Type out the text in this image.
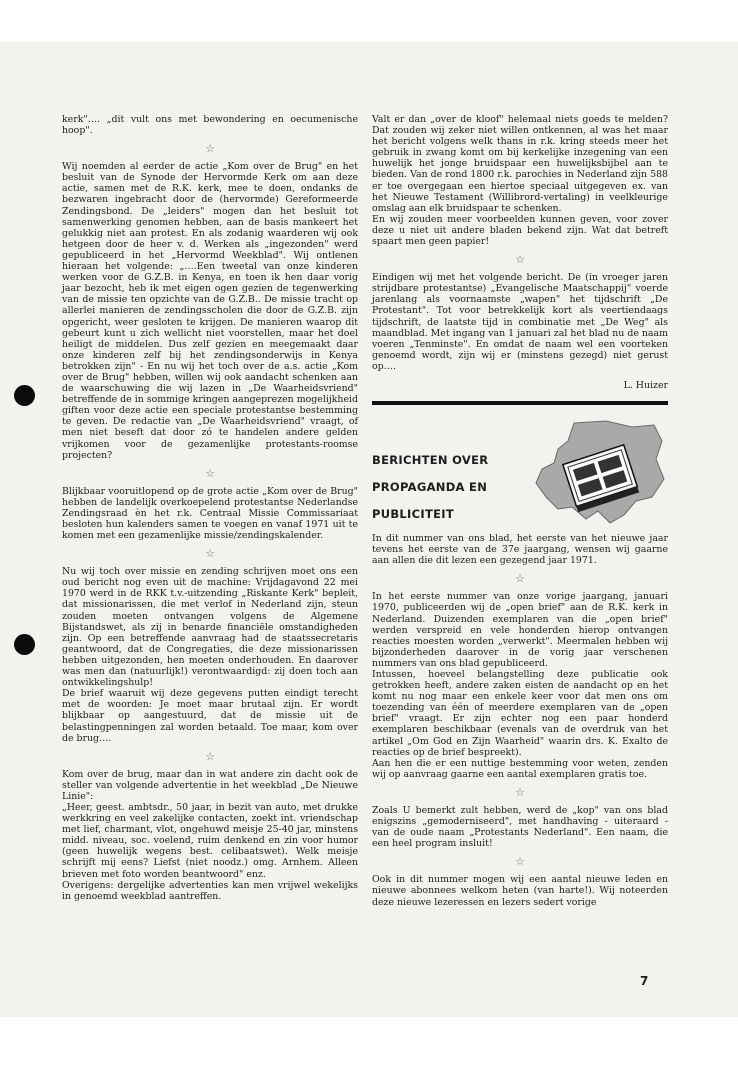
kerk"…. „dit vult ons met bewondering en oecumenische hoop".

☆

Wij noemden al eerder de actie „Kom over de Brug" en het besluit van de Synode der Hervormde Kerk om aan deze actie, samen met de R.K. kerk, mee te doen, ondanks de bezwaren ingebracht door de (hervormde) Gereformeerde Zendingsbond. De „leiders" mogen dan het besluit tot samenwerking genomen hebben, aan de basis mankeert het gelukkig niet aan protest. En als zodanig waarderen wij ook hetgeen door de heer v. d. Werken als „ingezonden" werd gepubliceerd in het „Hervormd Weekblad". Wij ontlenen hieraan het volgende: „….Een tweetal van onze kinderen werken voor de G.Z.B. in Kenya, en toen ik hen daar vorig jaar bezocht, heb ik met eigen ogen gezien de tegenwerking van de missie ten opzichte van de G.Z.B.. De missie tracht op allerlei manieren de zendingsscholen die door de G.Z.B. zijn opgericht, weer gesloten te krijgen. De manieren waarop dit gebeurt kunt u zich wellicht niet voorstellen, maar het doel heiligt de middelen. Dus zelf gezien en meegemaakt daar onze kinderen zelf bij het zendingsonderwijs in Kenya betrokken zijn" - En nu wij het toch over de a.s. actie „Kom over de Brug" hebben, willen wij ook aandacht schenken aan de waarschuwing die wij lazen in „De Waarheidsvriend" betreffende de in sommige kringen aangeprezen mogelijkheid giften voor deze actie een speciale protestantse bestemming te geven. De redactie van „De Waarheidsvriend" vraagt, of men niet beseft dat door zó te handelen andere gelden vrijkomen voor de gezamenlijke protestants-roomse projecten?

☆

Blijkbaar vooruitlopend op de grote actie „Kom over de Brug" hebben de landelijk overkoepelend protestantse Nederlandse Zendingsraad èn het r.k. Centraal Missie Commissariaat besloten hun kalenders samen te voegen en vanaf 1971 uit te komen met een gezamenlijke missie/zendingskalender.

☆

Nu wij toch over missie en zending schrijven moet ons een oud bericht nog even uit de machine: Vrijdagavond 22 mei 1970 werd in de RKK t.v.-uitzending „Riskante Kerk" bepleit, dat missionarissen, die met verlof in Nederland zijn, steun zouden moeten ontvangen volgens de Algemene Bijstandswet, als zij in benarde financiële omstandigheden zijn. Op een betreffende aanvraag had de staatssecretaris geantwoord, dat de Congregaties, die deze missionarissen hebben uitgezonden, hen moeten onderhouden. En daarover was men dan (natuurlijk!) verontwaardigd: zij doen toch aan ontwikkelingshulp!

De brief waaruit wij deze gegevens putten eindigt terecht met de woorden: Je moet maar brutaal zijn. Er wordt blijkbaar op aangestuurd, dat de missie uit de belastingpenningen zal worden betaald. Toe maar, kom over de brug….

☆

Kom over de brug, maar dan in wat andere zin dacht ook de steller van volgende advertentie in het weekblad „De Nieuwe Linie":

„Heer, geest. ambtsdr., 50 jaar, in bezit van auto, met drukke werkkring en veel zakelijke contacten, zoekt int. vriendschap met lief, charmant, vlot, ongehuwd meisje 25-40 jar, minstens midd. niveau, soc. voelend, ruim denkend en zin voor humor (geen huwelijk wegens best. celibaatswet). Welk meisje schrijft mij eens? Liefst (niet noodz.) omg. Arnhem. Alleen brieven met foto worden beantwoord" enz.

Overigens: dergelijke advertenties kan men vrijwel wekelijks in genoemd weekblad aantreffen.

Valt er dan „over de kloof" helemaal niets goeds te melden? Dat zouden wij zeker niet willen ontkennen, al was het maar het bericht volgens welk thans in r.k. kring steeds meer het gebruik in zwang komt om bij kerkelijke inzegening van een huwelijk het jonge bruidspaar een huwelijksbijbel aan te bieden. Van de rond 1800 r.k. parochies in Nederland zijn 588 er toe overgegaan een hiertoe speciaal uitgegeven ex. van het Nieuwe Testament (Willibrord-vertaling) in veelkleurige omslag aan elk bruidspaar te schenken.

En wij zouden meer voorbeelden kunnen geven, voor zover deze u niet uit andere bladen bekend zijn. Wat dat betreft spaart men geen papier!

☆

Eindigen wij met het volgende bericht. De (in vroeger jaren strijdbare protestantse) „Evangelische Maatschappij" voerde jarenlang als voornaamste „wapen" het tijdschrift „De Protestant". Tot voor betrekkelijk kort als veertiendaags tijdschrift, de laatste tijd in combinatie met „De Weg" als maandblad. Met ingang van 1 januari zal het blad nu de naam voeren „Tenminste". En omdat de naam wel een voorteken genoemd wordt, zijn wij er (minstens gezegd) niet gerust op….

L. Huizer
BERICHTEN OVER
PROPAGANDA EN
PUBLICITEIT

In dit nummer van ons blad, het eerste van het nieuwe jaar tevens het eerste van de 37e jaargang, wensen wij gaarne aan allen die dit lezen een gezegend jaar 1971.

☆

In het eerste nummer van onze vorige jaargang, januari 1970, publiceerden wij de „open brief" aan de R.K. kerk in Nederland. Duizenden exemplaren van die „open brief" werden verspreid en vele honderden hierop ontvangen reacties moesten worden „verwerkt". Meermalen hebben wij bijzonderheden daarover in de vorig jaar verschenen nummers van ons blad gepubliceerd.

Intussen, hoeveel belangstelling deze publicatie ook getrokken heeft, andere zaken eisten de aandacht op en het komt nu nog maar een enkele keer voor dat men ons om toezending van één of meerdere exemplaren van de „open brief" vraagt. Er zijn echter nog een paar honderd exemplaren beschikbaar (evenals van de overdruk van het artikel „Om God en Zijn Waarheid" waarin drs. K. Exalto de reacties op de brief bespreekt).

Aan hen die er een nuttige bestemming voor weten, zenden wij op aanvraag gaarne een aantal exemplaren gratis toe.

☆

Zoals U bemerkt zult hebben, werd de „kop" van ons blad enigszins „gemoderniseerd", met handhaving - uiteraard - van de oude naam „Protestants Nederland". Een naam, die een heel program insluit!

☆

Ook in dit nummer mogen wij een aantal nieuwe leden en nieuwe abonnees welkom heten (van harte!). Wij noteerden deze nieuwe lezeressen en lezers sedert vorige

7
